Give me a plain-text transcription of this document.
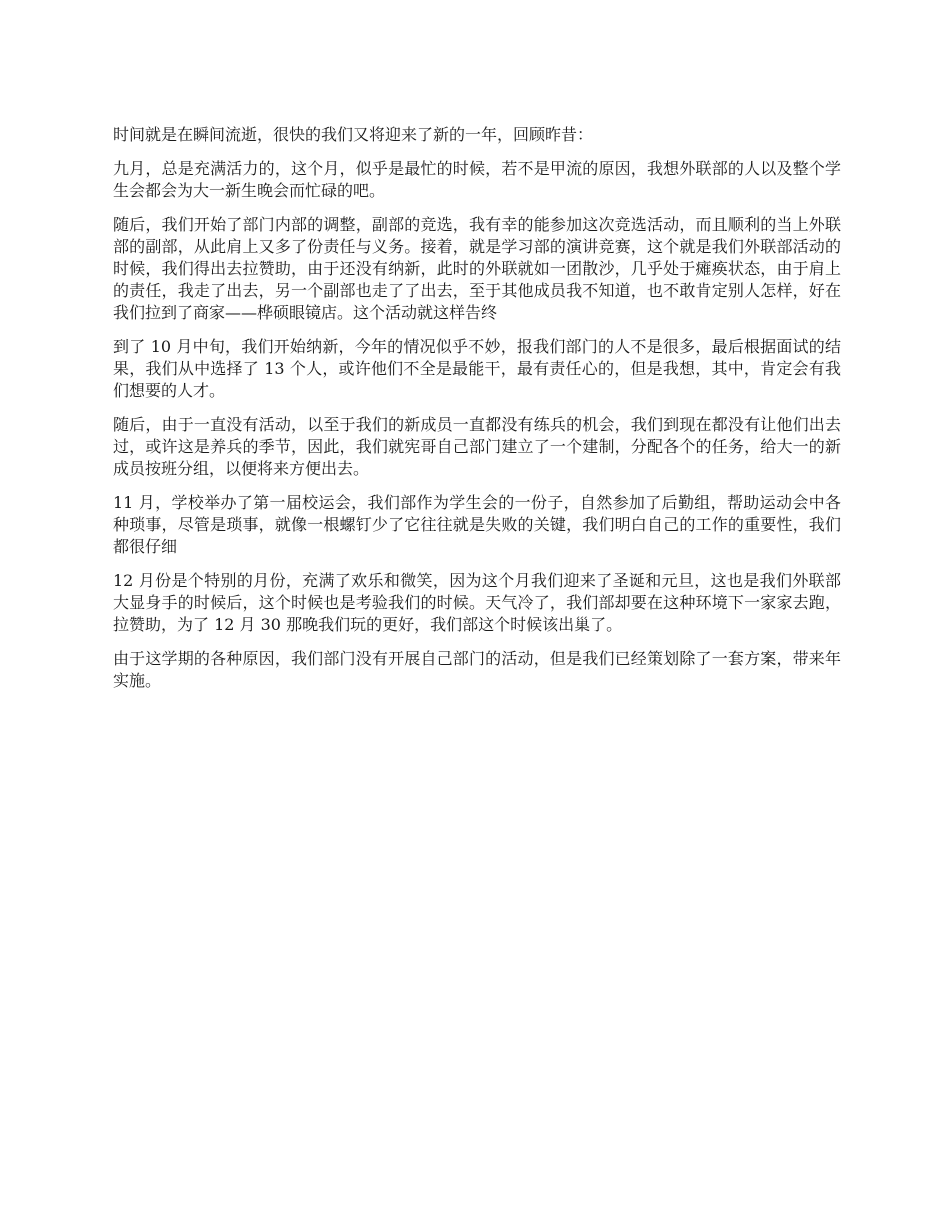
时间就是在瞬间流逝，很快的我们又将迎来了新的一年，回顾昨昔：

九月，总是充满活力的，这个月，似乎是最忙的时候，若不是甲流的原因，我想外联部的人以及整个学生会都会为大一新生晚会而忙碌的吧。

随后，我们开始了部门内部的调整，副部的竞选，我有幸的能参加这次竞选活动，而且顺利的当上外联部的副部，从此肩上又多了份责任与义务。接着，就是学习部的演讲竞赛，这个就是我们外联部活动的时候，我们得出去拉赞助，由于还没有纳新，此时的外联就如一团散沙，几乎处于瘫痪状态，由于肩上的责任，我走了出去，另一个副部也走了了出去，至于其他成员我不知道，也不敢肯定别人怎样，好在我们拉到了商家——桦硕眼镜店。这个活动就这样告终

到了 10 月中旬，我们开始纳新，今年的情况似乎不妙，报我们部门的人不是很多，最后根据面试的结果，我们从中选择了 13 个人，或许他们不全是最能干，最有责任心的，但是我想，其中，肯定会有我们想要的人才。

随后，由于一直没有活动，以至于我们的新成员一直都没有练兵的机会，我们到现在都没有让他们出去过，或许这是养兵的季节，因此，我们就宪哥自己部门建立了一个建制，分配各个的任务，给大一的新成员按班分组，以便将来方便出去。

11 月，学校举办了第一届校运会，我们部作为学生会的一份子，自然参加了后勤组，帮助运动会中各种琐事，尽管是琐事，就像一根螺钉少了它往往就是失败的关键，我们明白自己的工作的重要性，我们都很仔细

12 月份是个特别的月份，充满了欢乐和微笑，因为这个月我们迎来了圣诞和元旦，这也是我们外联部大显身手的时候后，这个时候也是考验我们的时候。天气冷了，我们部却要在这种环境下一家家去跑，拉赞助，为了 12 月 30 那晚我们玩的更好，我们部这个时候该出巢了。

由于这学期的各种原因，我们部门没有开展自己部门的活动，但是我们已经策划除了一套方案，带来年实施。
